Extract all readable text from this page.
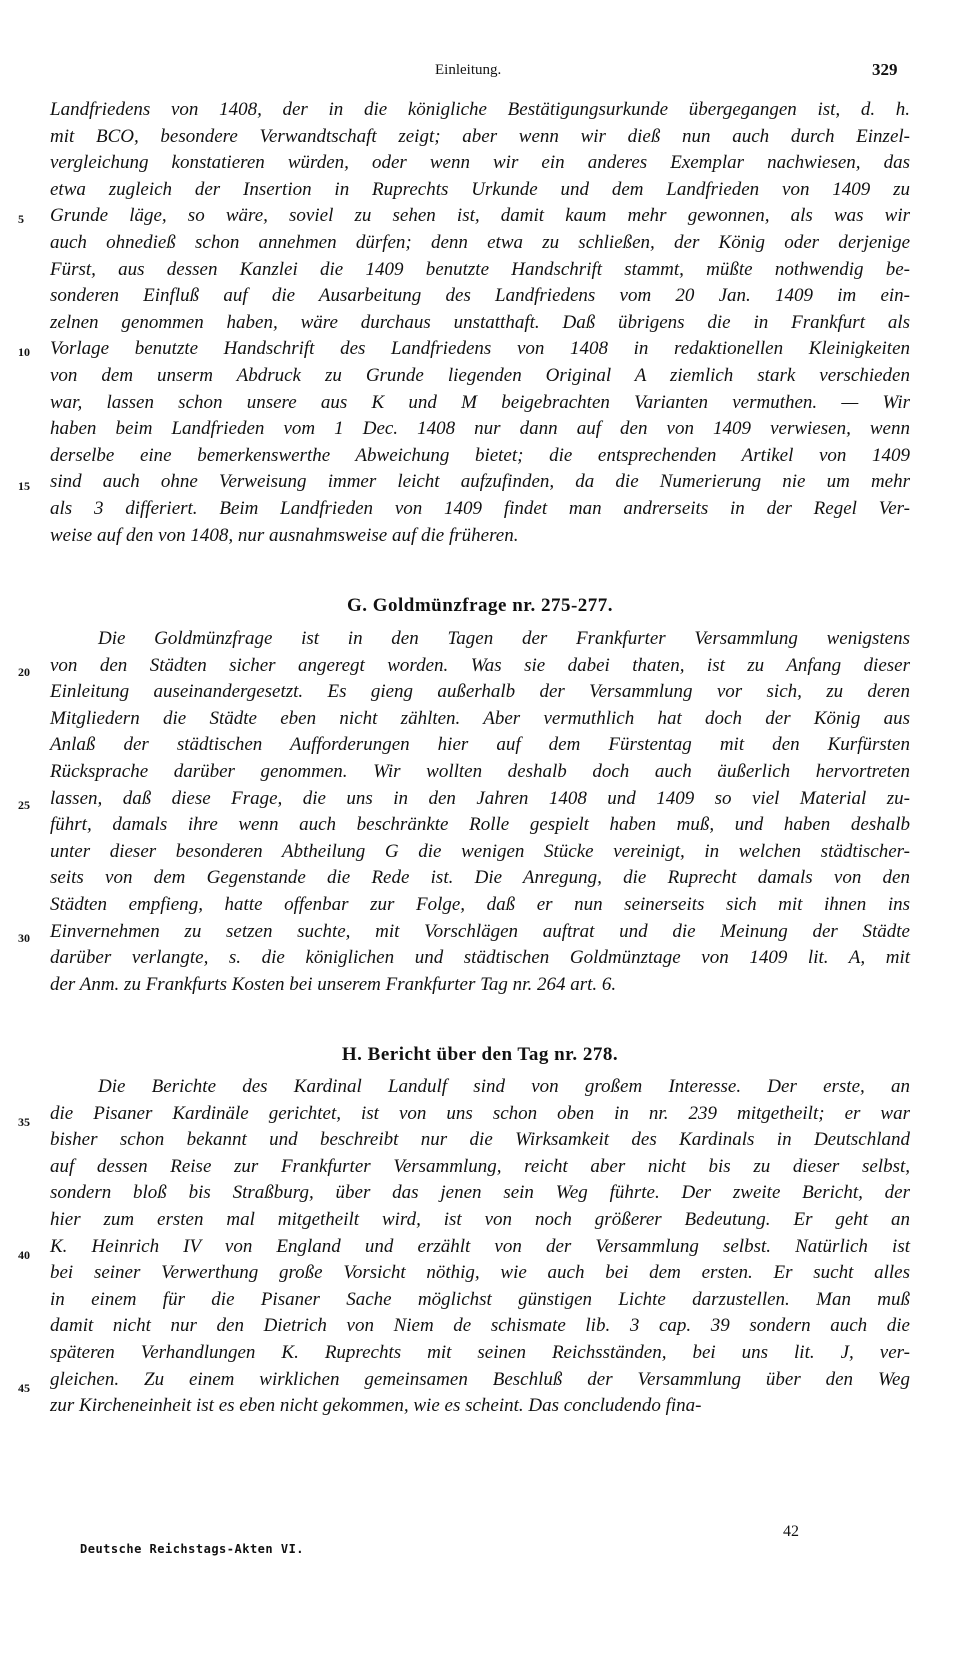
Einleitung.	329
Landfriedens von 1408, der in die königliche Bestätigungsurkunde übergegangen ist, d. h.
mit BCO, besondere Verwandtschaft zeigt; aber wenn wir dieß nun auch durch Einzel-
vergleichung konstatieren würden, oder wenn wir ein anderes Exemplar nachwiesen, das
etwa zugleich der Insertion in Ruprechts Urkunde und dem Landfrieden von 1409 zu
Grunde läge, so wäre, soviel zu sehen ist, damit kaum mehr gewonnen, als was wir
auch ohnedieß schon annehmen dürfen; denn etwa zu schließen, der König oder derjenige
Fürst, aus dessen Kanzlei die 1409 benutzte Handschrift stammt, müßte nothwendig be-
sonderen Einfluß auf die Ausarbeitung des Landfriedens vom 20 Jan. 1409 im ein-
zelnen genommen haben, wäre durchaus unstatthaft. Daß übrigens die in Frankfurt als
Vorlage benutzte Handschrift des Landfriedens von 1408 in redaktionellen Kleinigkeiten
von dem unserm Abdruck zu Grunde liegenden Original A ziemlich stark verschieden
war, lassen schon unsere aus K und M beigebrachten Varianten vermuthen. — Wir
haben beim Landfrieden vom 1 Dec. 1408 nur dann auf den von 1409 verwiesen, wenn
derselbe eine bemerkenswerthe Abweichung bietet; die entsprechenden Artikel von 1409
sind auch ohne Verweisung immer leicht aufzufinden, da die Numerierung nie um mehr
als 3 differiert. Beim Landfrieden von 1409 findet man andrerseits in der Regel Ver-
weise auf den von 1408, nur ausnahmsweise auf die früheren.
G. Goldmünzfrage nr. 275-277.
Die Goldmünzfrage ist in den Tagen der Frankfurter Versammlung wenigstens
von den Städten sicher angeregt worden. Was sie dabei thaten, ist zu Anfang dieser
Einleitung auseinandergesetzt. Es gieng außerhalb der Versammlung vor sich, zu deren
Mitgliedern die Städte eben nicht zählten. Aber vermuthlich hat doch der König aus
Anlaß der städtischen Aufforderungen hier auf dem Fürstentag mit den Kurfürsten
Rücksprache darüber genommen. Wir wollten deshalb doch auch äußerlich hervortreten
lassen, daß diese Frage, die uns in den Jahren 1408 und 1409 so viel Material zu-
führt, damals ihre wenn auch beschränkte Rolle gespielt haben muß, und haben deshalb
unter dieser besonderen Abtheilung G die wenigen Stücke vereinigt, in welchen städtischer-
seits von dem Gegenstande die Rede ist. Die Anregung, die Ruprecht damals von den
Städten empfieng, hatte offenbar zur Folge, daß er nun seinerseits sich mit ihnen ins
Einvernehmen zu setzen suchte, mit Vorschlägen auftrat und die Meinung der Städte
darüber verlangte, s. die königlichen und städtischen Goldmünztage von 1409 lit. A, mit
der Anm. zu Frankfurts Kosten bei unserem Frankfurter Tag nr. 264 art. 6.
H. Bericht über den Tag nr. 278.
Die Berichte des Kardinal Landulf sind von großem Interesse. Der erste, an
die Pisaner Kardinäle gerichtet, ist von uns schon oben in nr. 239 mitgetheilt; er war
bisher schon bekannt und beschreibt nur die Wirksamkeit des Kardinals in Deutschland
auf dessen Reise zur Frankfurter Versammlung, reicht aber nicht bis zu dieser selbst,
sondern bloß bis Straßburg, über das jenen sein Weg führte. Der zweite Bericht, der
hier zum ersten mal mitgetheilt wird, ist von noch größerer Bedeutung. Er geht an
K. Heinrich IV von England und erzählt von der Versammlung selbst. Natürlich ist
bei seiner Verwerthung große Vorsicht nöthig, wie auch bei dem ersten. Er sucht alles
in einem für die Pisaner Sache möglichst günstigen Lichte darzustellen. Man muß
damit nicht nur den Dietrich von Niem de schismate lib. 3 cap. 39 sondern auch die
späteren Verhandlungen K. Ruprechts mit seinen Reichsständen, bei uns lit. J, ver-
gleichen. Zu einem wirklichen gemeinsamen Beschluß der Versammlung über den Weg
zur Kircheneinheit ist es eben nicht gekommen, wie es scheint. Das concludendo fina-
5
10
15
20
25
30
35
40
45
Deutsche Reichstags-Akten VI.
42
